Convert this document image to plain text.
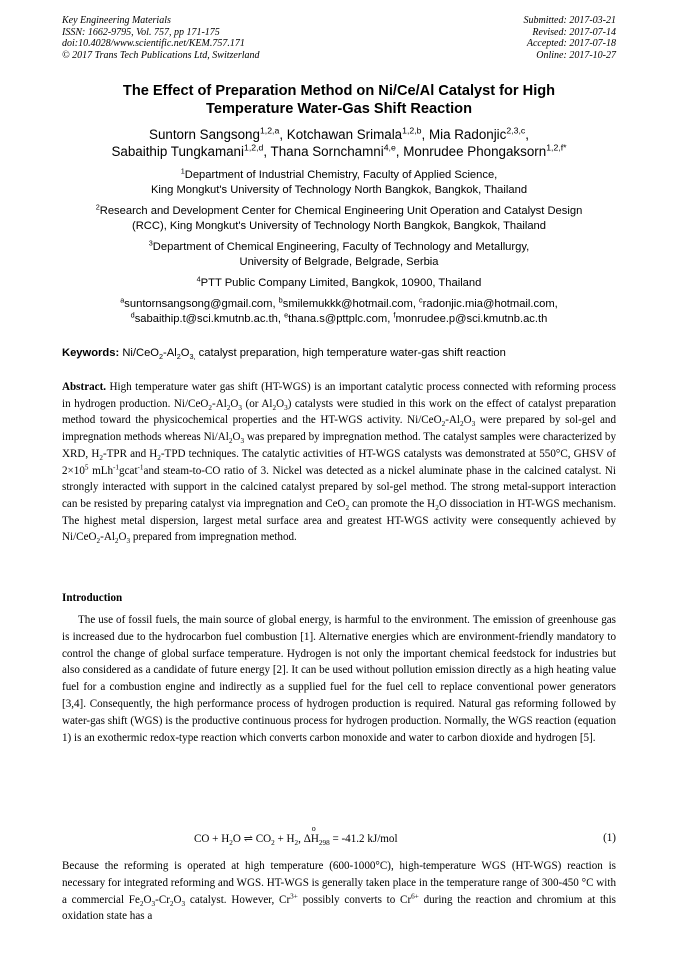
Key Engineering Materials
ISSN: 1662-9795, Vol. 757, pp 171-175
doi:10.4028/www.scientific.net/KEM.757.171
© 2017 Trans Tech Publications Ltd, Switzerland
Submitted: 2017-03-21
Revised: 2017-07-14
Accepted: 2017-07-18
Online: 2017-10-27
The Effect of Preparation Method on Ni/Ce/Al Catalyst for High
Temperature Water-Gas Shift Reaction
Suntorn Sangsong$^{1,2,a}$, Kotchawan Srimala$^{1,2,b}$, Mia Radonjic$^{2,3,c}$,
Sabaithip Tungkamani$^{1,2,d}$, Thana Sornchamni$^{4,e}$, Monrudee Phongaksorn$^{1,2,f*}$
$^1$Department of Industrial Chemistry, Faculty of Applied Science,
King Mongkut's University of Technology North Bangkok, Bangkok, Thailand
$^2$Research and Development Center for Chemical Engineering Unit Operation and Catalyst Design
(RCC), King Mongkut's University of Technology North Bangkok, Bangkok, Thailand
$^3$Department of Chemical Engineering, Faculty of Technology and Metallurgy,
University of Belgrade, Belgrade, Serbia
$^4$PTT Public Company Limited, Bangkok, 10900, Thailand
$^a$suntornsangsong@gmail.com, $^b$smilemukkk@hotmail.com, $^c$radonjic.mia@hotmail.com,
$^d$sabaithip.t@sci.kmutnb.ac.th, $^e$thana.s@pttplc.com, $^f$monrudee.p@sci.kmutnb.ac.th
Keywords: $Ni/CeO_2-Al_2O_{3,}$ catalyst preparation, high temperature water-gas shift reaction
Abstract. High temperature water gas shift (HT-WGS) is an important catalytic process connected with reforming process in hydrogen production. $Ni/CeO_2-Al_2O_3$ (or $Al_2O_3$) catalysts were studied in this work on the effect of catalyst preparation method toward the physicochemical properties and the HT-WGS activity. $Ni/CeO_2-Al_2O_3$ were prepared by sol-gel and impregnation methods whereas $Ni/Al_2O_3$ was prepared by impregnation method. The catalyst samples were characterized by XRD, $H_2$-TPR and $H_2$-TPD techniques. The catalytic activities of HT-WGS catalysts was demonstrated at 550°C, GHSV of $2\times 10^5$ mLh$^{-1}$gcat$^{-1}$and steam-to-CO ratio of 3. Nickel was detected as a nickel aluminate phase in the calcined catalyst. Ni strongly interacted with support in the calcined catalyst prepared by sol-gel method. The strong metal-support interaction can be resisted by preparing catalyst via impregnation and CeO$_2$ can promote the $H_2O$ dissociation in HT-WGS mechanism. The highest metal dispersion, largest metal surface area and greatest HT-WGS activity were consequently achieved by $Ni/CeO_2-Al_2O_3$ prepared from impregnation method.
Introduction
The use of fossil fuels, the main source of global energy, is harmful to the environment. The emission of greenhouse gas is increased due to the hydrocarbon fuel combustion [1]. Alternative energies which are environment-friendly mandatory to control the change of global surface temperature. Hydrogen is not only the important chemical feedstock for industries but also considered as a candidate of future energy [2]. It can be used without pollution emission directly as a high heating value fuel for a combustion engine and indirectly as a supplied fuel for the fuel cell to replace conventional power generators [3,4]. Consequently, the high performance process of hydrogen production is required. Natural gas reforming followed by water-gas shift (WGS) is the productive continuous process for hydrogen production. Normally, the WGS reaction (equation 1) is an exothermic redox-type reaction which converts carbon monoxide and water to carbon dioxide and hydrogen [5].
CO + $H_2O$ ⇌ $CO_2 + H_2$, ΔH
o
$_{298}$ = -41.2 kJ/mol	(1)
Because the reforming is operated at high temperature (600-1000°C), high-temperature WGS (HT-WGS) reaction is necessary for integrated reforming and WGS. HT-WGS is generally taken place in the temperature range of 300-450 °C with a commercial $Fe_2O_3-Cr_2O_3$ catalyst. However, $Cr^{3+}$ possibly converts to $Cr^{6+}$ during the reaction and chromium at this oxidation state has a
